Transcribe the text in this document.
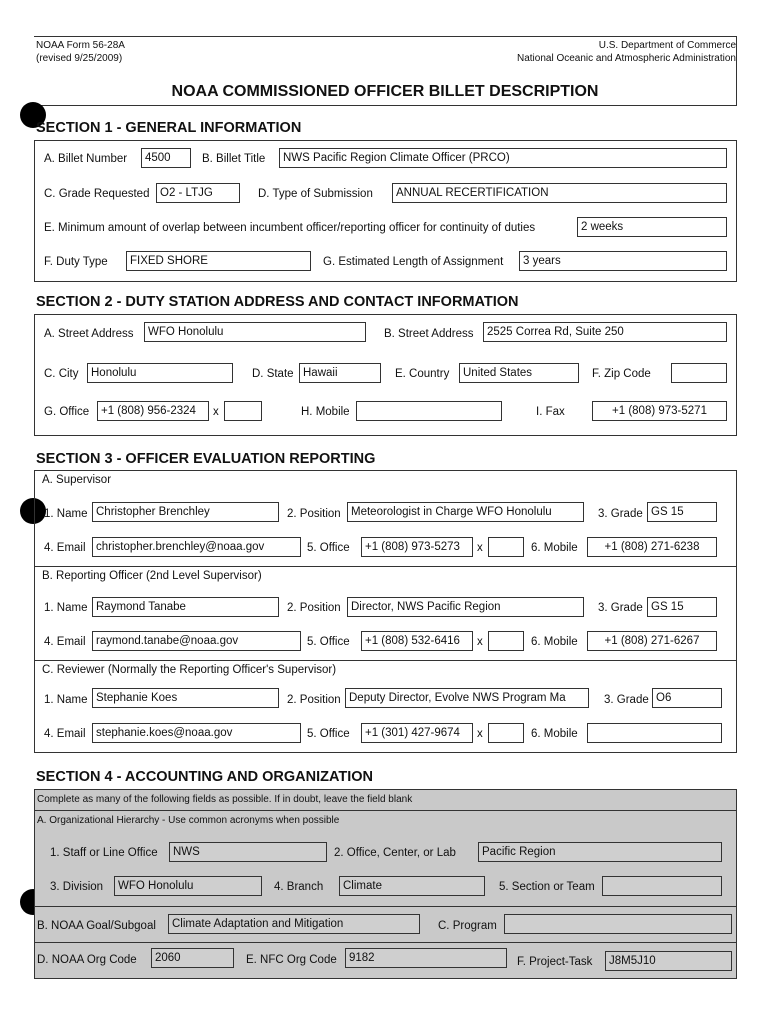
NOAA Form 56-28A
(revised 9/25/2009)
U.S. Department of Commerce
National Oceanic and Atmospheric Administration
NOAA COMMISSIONED OFFICER BILLET DESCRIPTION
SECTION 1 - GENERAL INFORMATION
A. Billet Number	4500	B. Billet Title	NWS Pacific Region Climate Officer (PRCO)
C. Grade Requested O2 - LTJG	D. Type of Submission	ANNUAL RECERTIFICATION
E. Minimum amount of overlap between incumbent officer/reporting officer for continuity of duties	2 weeks
F. Duty Type	FIXED SHORE	G. Estimated Length of Assignment	3 years
SECTION 2 - DUTY STATION ADDRESS AND CONTACT INFORMATION
A. Street Address	WFO Honolulu	B. Street Address	2525 Correa Rd, Suite 250
C. City	Honolulu	D. State Hawaii	E. Country	United States	F. Zip Code
G. Office	+1 (808) 956-2324	x	H. Mobile	I. Fax	+1 (808) 973-5271
SECTION 3 - OFFICER EVALUATION REPORTING
A. Supervisor
1. Name Christopher Brenchley	2. Position Meteorologist in Charge WFO Honolulu	3. Grade GS 15
4. Email christopher.brenchley@noaa.gov	5. Office	+1 (808) 973-5273	x	6. Mobile	+1 (808) 271-6238
B. Reporting Officer (2nd Level Supervisor)
1. Name Raymond Tanabe	2. Position Director, NWS Pacific Region	3. Grade GS 15
4. Email raymond.tanabe@noaa.gov	5. Office	+1 (808) 532-6416	x	6. Mobile	+1 (808) 271-6267
C. Reviewer (Normally the Reporting Officer's Supervisor)
1. Name Stephanie Koes	2. Position Deputy Director, Evolve NWS Program Ma	3. Grade O6
4. Email stephanie.koes@noaa.gov	5. Office	+1 (301) 427-9674	x	6. Mobile
SECTION 4 - ACCOUNTING AND ORGANIZATION
Complete as many of the following fields as possible. If in doubt, leave the field blank
A. Organizational Hierarchy - Use common acronyms when possible
1. Staff or Line Office	NWS	2. Office, Center, or Lab	Pacific Region
3. Division	WFO Honolulu	4. Branch	Climate	5. Section or Team
B. NOAA Goal/Subgoal	Climate Adaptation and Mitigation	C. Program
D. NOAA Org Code	2060	E. NFC Org Code	9182	F. Project-Task	J8M5J10
